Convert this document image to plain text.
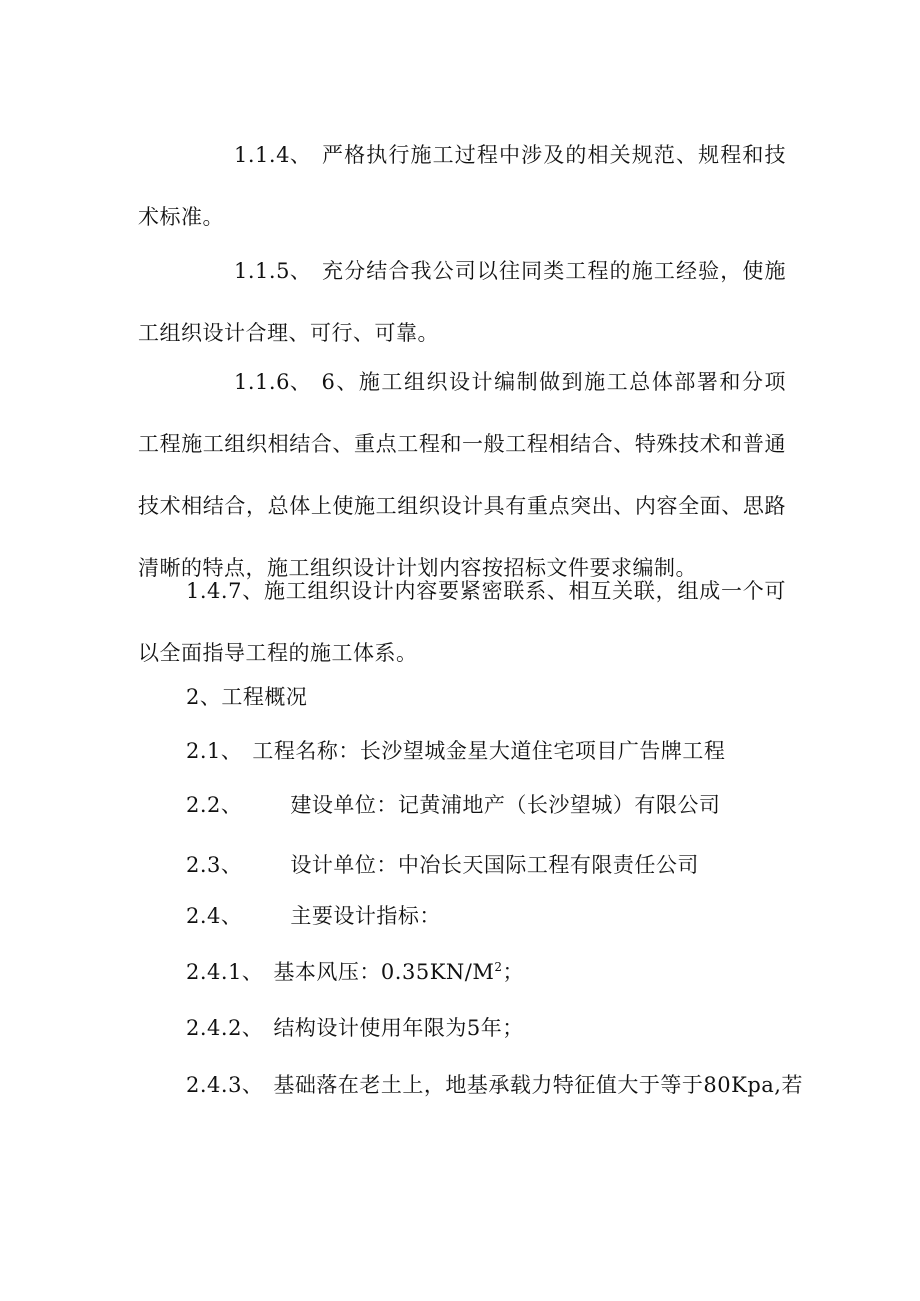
1.1.4、 严格执行施工过程中涉及的相关规范、规程和技术标准。

1.1.5、 充分结合我公司以往同类工程的施工经验，使施工组织设计合理、可行、可靠。

1.1.6、 6、施工组织设计编制做到施工总体部署和分项工程施工组织相结合、重点工程和一般工程相结合、特殊技术和普通技术相结合，总体上使施工组织设计具有重点突出、内容全面、思路清晰的特点，施工组织设计计划内容按招标文件要求编制。

1.4.7、施工组织设计内容要紧密联系、相互关联，组成一个可以全面指导工程的施工体系。

2、工程概况

2.1、 工程名称：长沙望城金星大道住宅项目广告牌工程

2.2、 建设单位：记黄浦地产（长沙望城）有限公司

2.3、 设计单位：中冶长天国际工程有限责任公司

2.4、 主要设计指标：

2.4.1、 基本风压：$0.35KN/M^2$；

2.4.2、 结构设计使用年限为5年；

2.4.3、 基础落在老土上，地基承载力特征值大于等于80Kpa,若
